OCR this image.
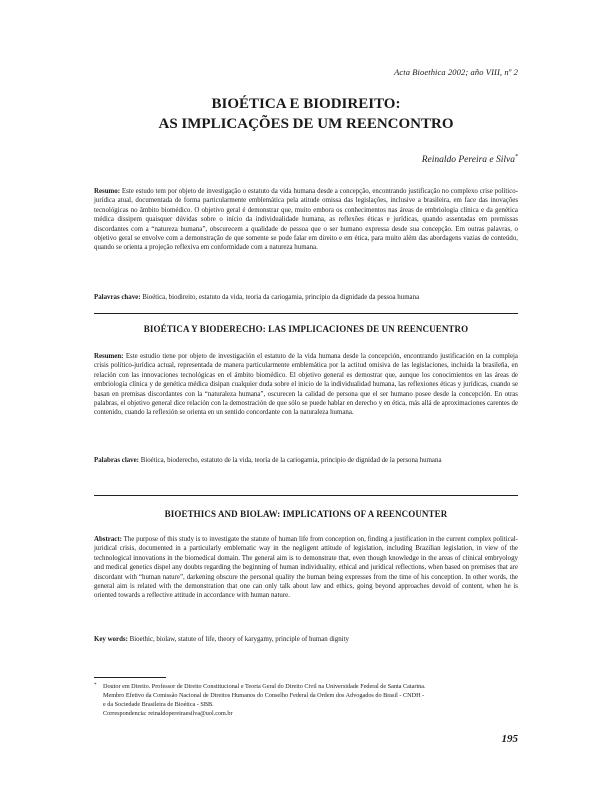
Acta Bioethica 2002; año VIII, nº 2
BIOÉTICA E BIODIREITO:
AS IMPLICAÇÕES DE UM REENCONTRO
Reinaldo Pereira e Silva*
Resumo: Este estudo tem por objeto de investigação o estatuto da vida humana desde a concepção, encontrando justificação no complexo crise político-jurídica atual, documentada de forma particularmente emblemática pela atitude omissa das legislações, inclusive a brasileira, em face das inovações tecnológicas no âmbito biomédico. O objetivo geral é demonstrar que, muito embora os conhecimentos nas áreas de embriologia clínica e da genética médica dissipem quaisquer dúvidas sobre o início da individualidade humana, as reflexões éticas e jurídicas, quando assentadas em premissas discordantes com a “natureza humana”, obscurecem a qualidade de pessoa que o ser humano expressa desde sua concepção. Em outras palavras, o objetivo geral se envolve com a demonstração de que somente se pode falar em direito e em ética, para muito além das abordagens vazias de conteúdo, quando se orienta a projeção reflexiva em conformidade com a natureza humana.
Palavras chave: Bioética, biodireito, estatuto da vida, teoria da cariogamia, princípio da dignidade da pessoa humana
BIOÉTICA Y BIODERECHO: LAS IMPLICACIONES DE UN REENCUENTRO
Resumen: Este estudio tiene por objeto de investigación el estatuto de la vida humana desde la concepción, encontrando justificación en la compleja crisis político-jurídica actual, representada de manera particularmente emblemática por la actitud omisiva de las legislaciones, incluida la brasileña, en relación con las innovaciones tecnológicas en el ámbito biomédico. El objetivo general es demostrar que, aunque los conocimientos en las áreas de embriología clínica y de genética médica disipan cualquier duda sobre el inicio de la individualidad humana, las reflexiones éticas y jurídicas, cuando se basan en premisas discordantes con la “naturaleza humana”, oscurecen la calidad de persona que el ser humano posee desde la concepción. En otras palabras, el objetivo general dice relación con la demostración de que sólo se puede hablar en derecho y en ética, más allá de aproximaciones carentes de contenido, cuando la reflexión se orienta en un sentido concordante con la naturaleza humana.
Palabras clave: Bioética, bioderecho, estatuto de la vida, teoría de la cariogamia, principio de dignidad de la persona humana
BIOETHICS AND BIOLAW: IMPLICATIONS OF A REENCOUNTER
Abstract: The purpose of this study is to investigate the statute of human life from conception on, finding a justification in the current complex political-juridical crisis, documented in a particularly emblematic way in the negligent attitude of legislation, including Brazilian legislation, in view of the technological innovations in the biomedical domain. The general aim is to demonstrate that, even though knowledge in the areas of clinical embryology and medical genetics dispel any doubts regarding the beginning of human individuality, ethical and juridical reflections, when based on premises that are discordant with “human nature”, darkening obscure the personal quality the human being expresses from the time of his conception. In other words, the general aim is related with the demonstration that one can only talk about law and ethics, going beyond approaches devoid of content, when he is oriented towards a reflective attitude in accordance with human nature.
Key words: Bioethic, biolaw, statute of life, theory of karygamy, principle of human dignity
*	Doutor em Direito. Professor de Direito Constitucional e Teoria Geral do Direito Civil na Universidade Federal de Santa Catarina.
Membro Efetivo da Comissão Nacional de Direitos Humanos do Conselho Federal da Ordem dos Advogados do Brasil - CNDH -
e da Sociedade Brasileira de Bioética - SBB.
Correspondencia: reinaldopereiraesilva@uol.com.br
195
